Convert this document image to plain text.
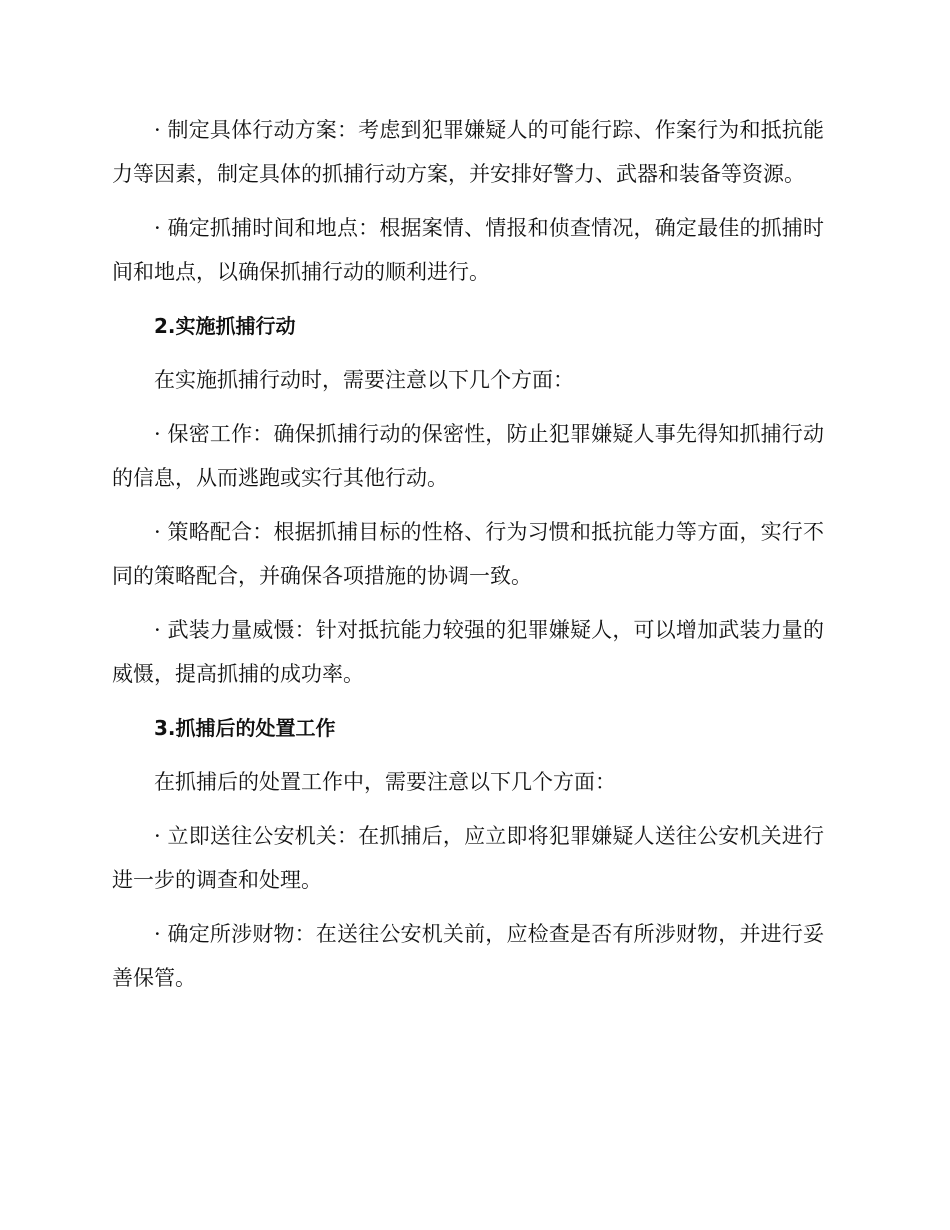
· 制定具体行动方案：考虑到犯罪嫌疑人的可能行踪、作案行为和抵抗能力等因素，制定具体的抓捕行动方案，并安排好警力、武器和装备等资源。

· 确定抓捕时间和地点：根据案情、情报和侦查情况，确定最佳的抓捕时间和地点，以确保抓捕行动的顺利进行。

2.实施抓捕行动

在实施抓捕行动时，需要注意以下几个方面：

· 保密工作：确保抓捕行动的保密性，防止犯罪嫌疑人事先得知抓捕行动的信息，从而逃跑或实行其他行动。

· 策略配合：根据抓捕目标的性格、行为习惯和抵抗能力等方面，实行不同的策略配合，并确保各项措施的协调一致。

· 武装力量威慑：针对抵抗能力较强的犯罪嫌疑人，可以增加武装力量的威慑，提高抓捕的成功率。

3.抓捕后的处置工作

在抓捕后的处置工作中，需要注意以下几个方面：

· 立即送往公安机关：在抓捕后，应立即将犯罪嫌疑人送往公安机关进行进一步的调查和处理。

· 确定所涉财物：在送往公安机关前，应检查是否有所涉财物，并进行妥善保管。
